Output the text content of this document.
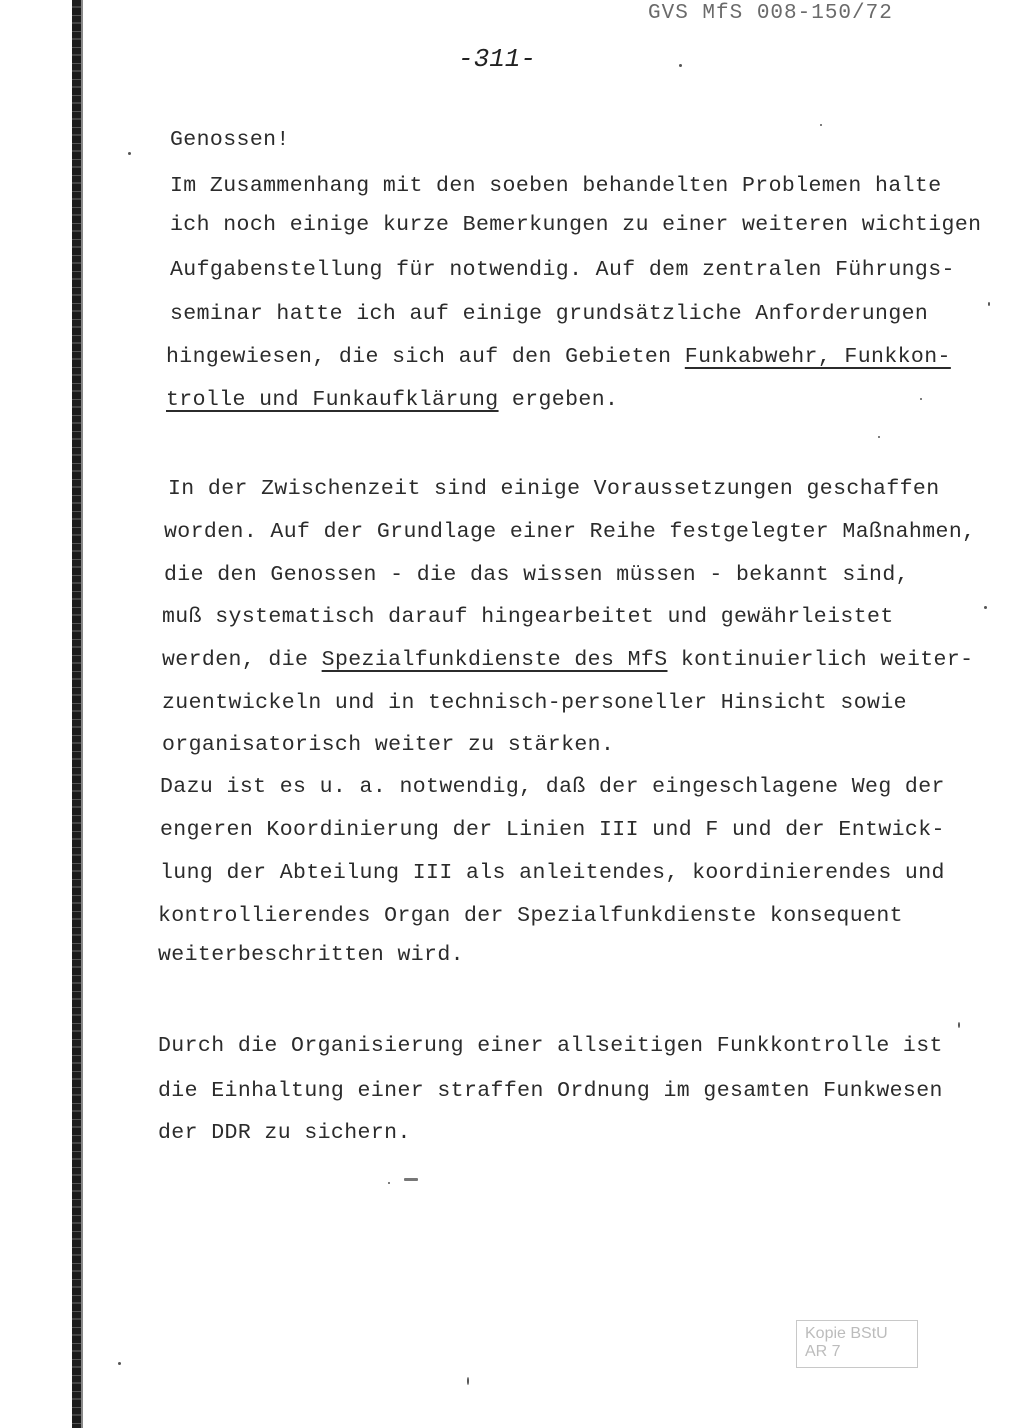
GVS MfS 008-150/72
-311-
Genossen!
Im Zusammenhang mit den soeben behandelten Problemen halte
ich noch einige kurze Bemerkungen zu einer weiteren wichtigen
Aufgabenstellung für notwendig. Auf dem zentralen Führungs-
seminar hatte ich auf einige grundsätzliche Anforderungen
hingewiesen, die sich auf den Gebieten Funkabwehr, Funkkon-
trolle und Funkaufklärung ergeben.
In der Zwischenzeit sind einige Voraussetzungen geschaffen
worden. Auf der Grundlage einer Reihe festgelegter Maßnahmen,
die den Genossen - die das wissen müssen - bekannt sind,
muß systematisch darauf hingearbeitet und gewährleistet
werden, die Spezialfunkdienste des MfS kontinuierlich weiter-
zuentwickeln und in technisch-personeller Hinsicht sowie
organisatorisch weiter zu stärken.
Dazu ist es u. a. notwendig, daß der eingeschlagene Weg der
engeren Koordinierung der Linien III und F und der Entwick-
lung der Abteilung III als anleitendes, koordinierendes und
kontrollierendes Organ der Spezialfunkdienste konsequent
weiterbeschritten wird.
Durch die Organisierung einer allseitigen Funkkontrolle ist
die Einhaltung einer straffen Ordnung im gesamten Funkwesen
der DDR zu sichern.
Kopie BStU
AR 7
